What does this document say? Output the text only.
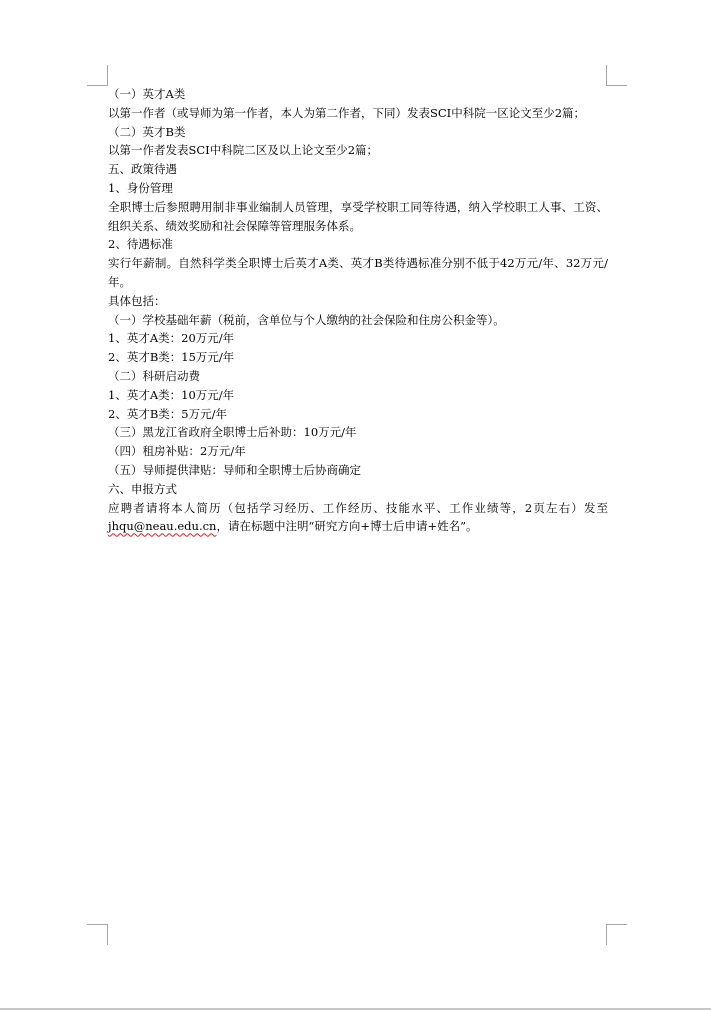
（一）英才A类
以第一作者（或导师为第一作者，本人为第二作者，下同）发表SCI中科院一区论文至少2篇；
（二）英才B类
以第一作者发表SCI中科院二区及以上论文至少2篇；
五、政策待遇
1、身份管理
全职博士后参照聘用制非事业编制人员管理，享受学校职工同等待遇，纳入学校职工人事、工资、组织关系、绩效奖励和社会保障等管理服务体系。
2、待遇标准
实行年薪制。自然科学类全职博士后英才A类、英才B类待遇标准分别不低于42万元/年、32万元/年。
具体包括：
（一）学校基础年薪（税前，含单位与个人缴纳的社会保险和住房公积金等）。
1、英才A类：20万元/年
2、英才B类：15万元/年
（二）科研启动费
1、英才A类：10万元/年
2、英才B类：5万元/年
（三）黑龙江省政府全职博士后补助：10万元/年
（四）租房补贴：2万元/年
（五）导师提供津贴：导师和全职博士后协商确定
六、申报方式
应聘者请将本人简历（包括学习经历、工作经历、技能水平、工作业绩等，2页左右）发至jhqu@neau.edu.cn，请在标题中注明“研究方向+博士后申请+姓名”。
